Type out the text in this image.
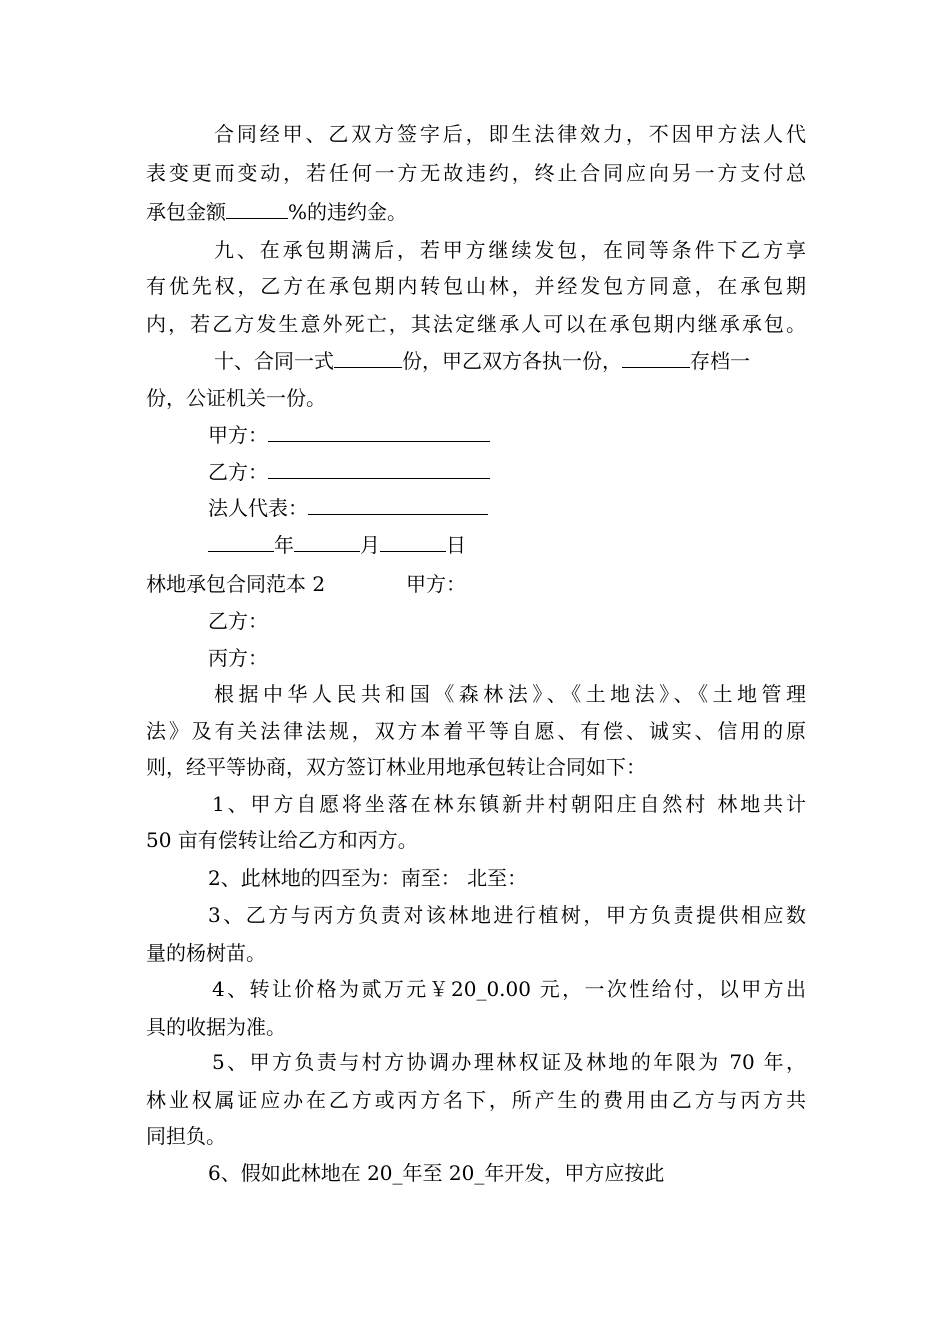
合同经甲、乙双方签字后，即生法律效力，不因甲方法人代
表变更而变动，若任何一方无故违约，终止合同应向另一方支付总
承包金额	%的违约金。
九、在承包期满后，若甲方继续发包，在同等条件下乙方享
有优先权，乙方在承包期内转包山林，并经发包方同意，在承包期
内，若乙方发生意外死亡，其法定继承人可以在承包期内继承承包。
十、合同一式	份，甲乙双方各执一份，	存档一
份，公证机关一份。
甲方：
乙方：
法人代表：
年	月	日
林地承包合同范本 2	甲方：
乙方：
丙方：
根据中华人民共和国《森林法》、《土地法》、《土地管理
法》及有关法律法规，双方本着平等自愿、有偿、诚实、信用的原
则，经平等协商，双方签订林业用地承包转让合同如下：
1、甲方自愿将坐落在林东镇新井村朝阳庄自然村 林地共计
50 亩有偿转让给乙方和丙方。
2、此林地的四至为：南至： 北至：
3、乙方与丙方负责对该林地进行植树，甲方负责提供相应数
量的杨树苗。
4、转让价格为贰万元￥20_0.00 元，一次性给付，以甲方出
具的收据为准。
5、甲方负责与村方协调办理林权证及林地的年限为 70 年，
林业权属证应办在乙方或丙方名下，所产生的费用由乙方与丙方共
同担负。
6、假如此林地在 20_年至 20_年开发，甲方应按此
